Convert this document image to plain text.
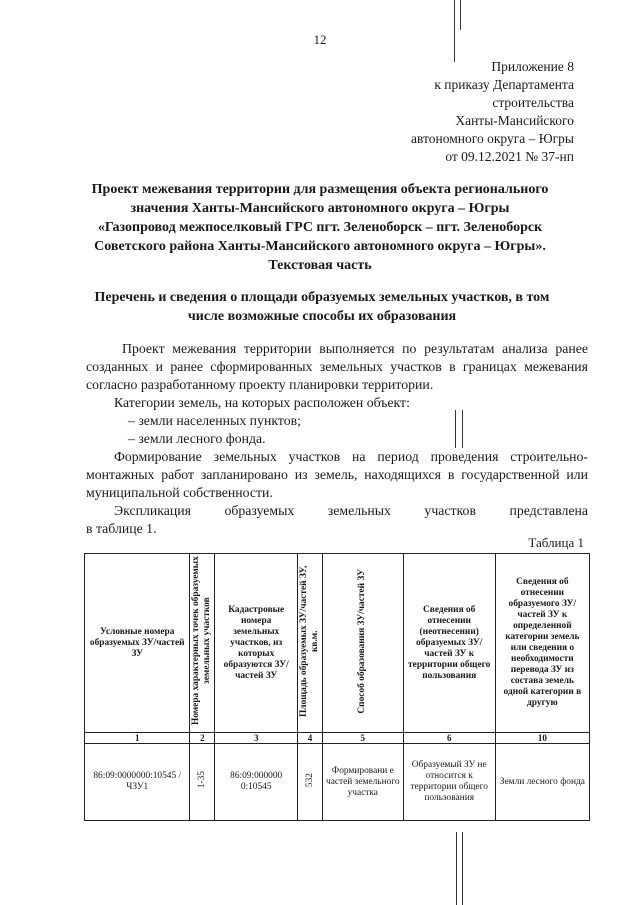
12
Приложение 8
к приказу Департамента
строительства
Ханты-Мансийского
автономного округа – Югры
от 09.12.2021 № 37-нп
Проект межевания территории для размещения объекта регионального значения Ханты-Мансийского автономного округа – Югры «Газопровод межпоселковый ГРС пгт. Зеленоборск – пгт. Зеленоборск Советского района Ханты-Мансийского автономного округа – Югры». Текстовая часть
Перечень и сведения о площади образуемых земельных участков, в том числе возможные способы их образования

Проект межевания территории выполняется по результатам анализа ранее созданных и ранее сформированных земельных участков в границах межевания согласно разработанному проекту планировки территории.

Категории земель, на которых расположен объект:

– земли населенных пунктов;

– земли лесного фонда.

Формирование земельных участков на период проведения строительно-монтажных работ запланировано из земель, находящихся в государственной или муниципальной собственности.

Экспликация образуемых земельных участков представлена

в таблице 1.

Таблица 1
Условные номера образуемых ЗУ/частей ЗУ	Номера характерных точек образуемых земельных участков	Кадастровые номера земельных участков, из которых образуются ЗУ/частей ЗУ	Площадь образуемых ЗУ/частей ЗУ, кв.м.	Способ образования ЗУ/частей ЗУ	Сведения об отнесении (неотнесении) образуемых ЗУ/частей ЗУ к территории общего пользования	Сведения об отнесении образуемого ЗУ/частей ЗУ к определенной категории земель или сведения о необходимости перевода ЗУ из состава земель одной категории в другую
1	2	3	4	5	6	10
86:09:0000000:10545 /ЧЗУ1	1-35	86:09:000000 0:10545	532	Формировани е частей земельного участка	Образуемый ЗУ не относится к территории общего пользования	Земли лесного фонда
